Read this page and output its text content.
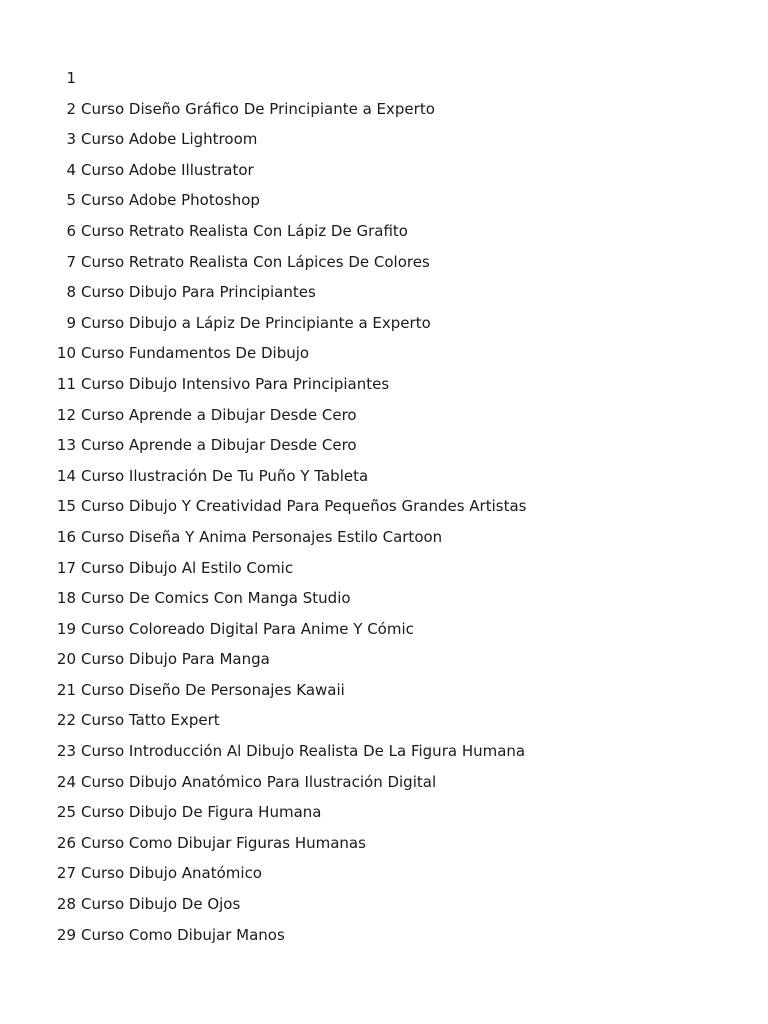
1
2 Curso Diseño Gráfico De Principiante a Experto
3 Curso Adobe Lightroom
4 Curso Adobe Illustrator
5 Curso Adobe Photoshop
6 Curso Retrato Realista Con Lápiz De Grafito
7 Curso Retrato Realista Con Lápices De Colores
8 Curso Dibujo Para Principiantes
9 Curso Dibujo a Lápiz De Principiante a Experto
10 Curso Fundamentos De Dibujo
11 Curso Dibujo Intensivo Para Principiantes
12 Curso Aprende a Dibujar Desde Cero
13 Curso Aprende a Dibujar Desde Cero
14 Curso Ilustración De Tu Puño Y Tableta
15 Curso Dibujo Y Creatividad Para Pequeños Grandes Artistas
16 Curso Diseña Y Anima Personajes Estilo Cartoon
17 Curso Dibujo Al Estilo Comic
18 Curso De Comics Con Manga Studio
19 Curso Coloreado Digital Para Anime Y Cómic
20 Curso Dibujo Para Manga
21 Curso Diseño De Personajes Kawaii
22 Curso Tatto Expert
23 Curso Introducción Al Dibujo Realista De La Figura Humana
24 Curso Dibujo Anatómico Para Ilustración Digital
25 Curso Dibujo De Figura Humana
26 Curso Como Dibujar Figuras Humanas
27 Curso Dibujo Anatómico
28 Curso Dibujo De Ojos
29 Curso Como Dibujar Manos
